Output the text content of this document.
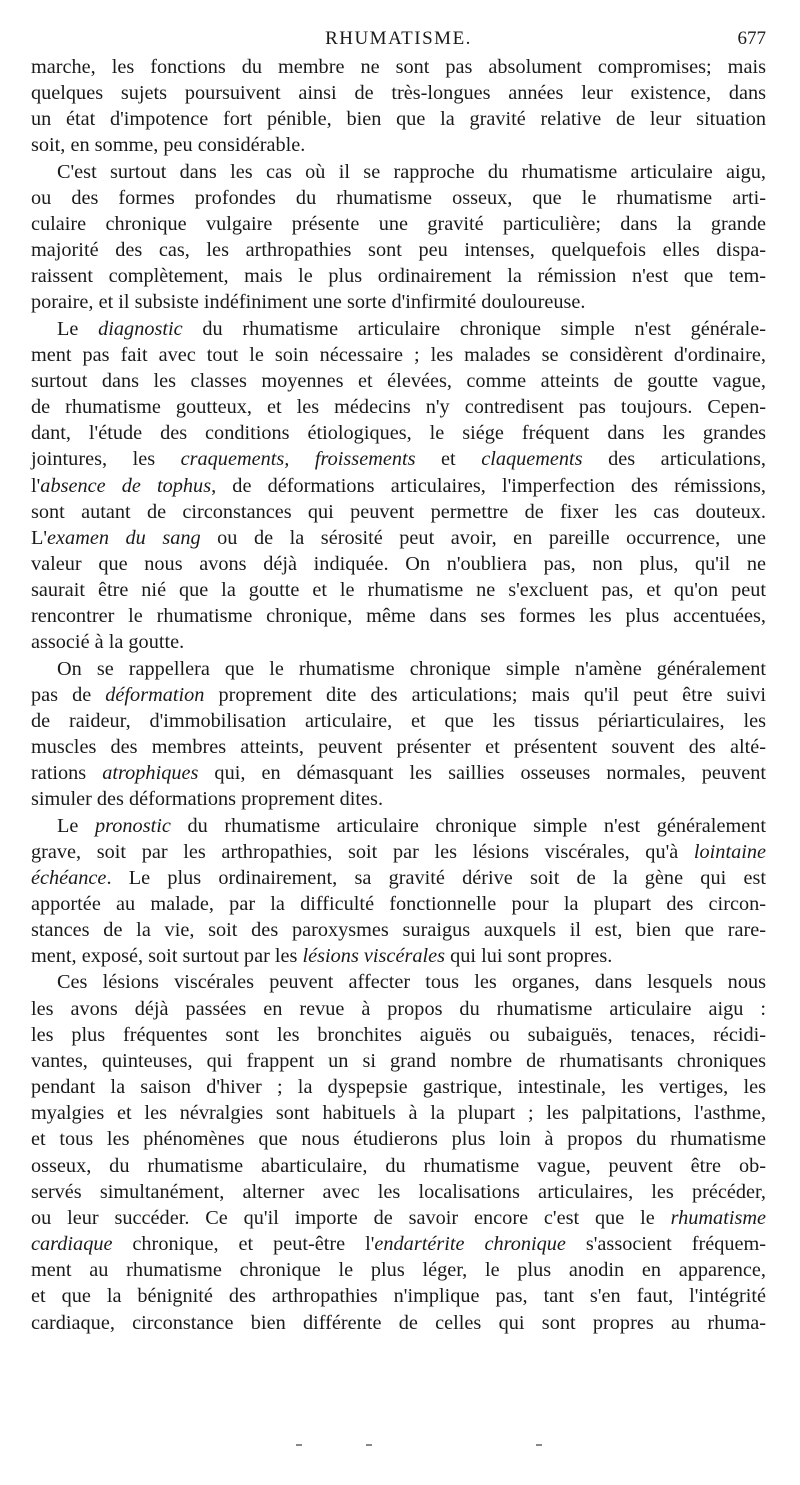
RHUMATISME.	677
marche, les fonctions du membre ne sont pas absolument compromises; mais
quelques sujets poursuivent ainsi de très-longues années leur existence, dans
un état d'impotence fort pénible, bien que la gravité relative de leur situation
soit, en somme, peu considérable.
C'est surtout dans les cas où il se rapproche du rhumatisme articulaire aigu,
ou des formes profondes du rhumatisme osseux, que le rhumatisme arti-
culaire chronique vulgaire présente une gravité particulière; dans la grande
majorité des cas, les arthropathies sont peu intenses, quelquefois elles dispa-
raissent complètement, mais le plus ordinairement la rémission n'est que tem-
poraire, et il subsiste indéfiniment une sorte d'infirmité douloureuse.
Le diagnostic du rhumatisme articulaire chronique simple n'est générale-
ment pas fait avec tout le soin nécessaire ; les malades se considèrent d'ordinaire,
surtout dans les classes moyennes et élevées, comme atteints de goutte vague,
de rhumatisme goutteux, et les médecins n'y contredisent pas toujours. Cepen-
dant, l'étude des conditions étiologiques, le siége fréquent dans les grandes
jointures, les craquements, froissements et claquements des articulations,
l'absence de tophus, de déformations articulaires, l'imperfection des rémissions,
sont autant de circonstances qui peuvent permettre de fixer les cas douteux.
L'examen du sang ou de la sérosité peut avoir, en pareille occurrence, une
valeur que nous avons déjà indiquée. On n'oubliera pas, non plus, qu'il ne
saurait être nié que la goutte et le rhumatisme ne s'excluent pas, et qu'on peut
rencontrer le rhumatisme chronique, même dans ses formes les plus accentuées,
associé à la goutte.
On se rappellera que le rhumatisme chronique simple n'amène généralement
pas de déformation proprement dite des articulations; mais qu'il peut être suivi
de raideur, d'immobilisation articulaire, et que les tissus périarticulaires, les
muscles des membres atteints, peuvent présenter et présentent souvent des alté-
rations atrophiques qui, en démasquant les saillies osseuses normales, peuvent
simuler des déformations proprement dites.
Le pronostic du rhumatisme articulaire chronique simple n'est généralement
grave, soit par les arthropathies, soit par les lésions viscérales, qu'à lointaine
échéance. Le plus ordinairement, sa gravité dérive soit de la gène qui est
apportée au malade, par la difficulté fonctionnelle pour la plupart des circon-
stances de la vie, soit des paroxysmes suraigus auxquels il est, bien que rare-
ment, exposé, soit surtout par les lésions viscérales qui lui sont propres.
Ces lésions viscérales peuvent affecter tous les organes, dans lesquels nous
les avons déjà passées en revue à propos du rhumatisme articulaire aigu :
les plus fréquentes sont les bronchites aiguës ou subaiguës, tenaces, récidi-
vantes, quinteuses, qui frappent un si grand nombre de rhumatisants chroniques
pendant la saison d'hiver ; la dyspepsie gastrique, intestinale, les vertiges, les
myalgies et les névralgies sont habituels à la plupart ; les palpitations, l'asthme,
et tous les phénomènes que nous étudierons plus loin à propos du rhumatisme
osseux, du rhumatisme abarticulaire, du rhumatisme vague, peuvent être ob-
servés simultanément, alterner avec les localisations articulaires, les précéder,
ou leur succéder. Ce qu'il importe de savoir encore c'est que le rhumatisme
cardiaque chronique, et peut-être l'endartérite chronique s'associent fréquem-
ment au rhumatisme chronique le plus léger, le plus anodin en apparence,
et que la bénignité des arthropathies n'implique pas, tant s'en faut, l'intégrité
cardiaque, circonstance bien différente de celles qui sont propres au rhuma-
